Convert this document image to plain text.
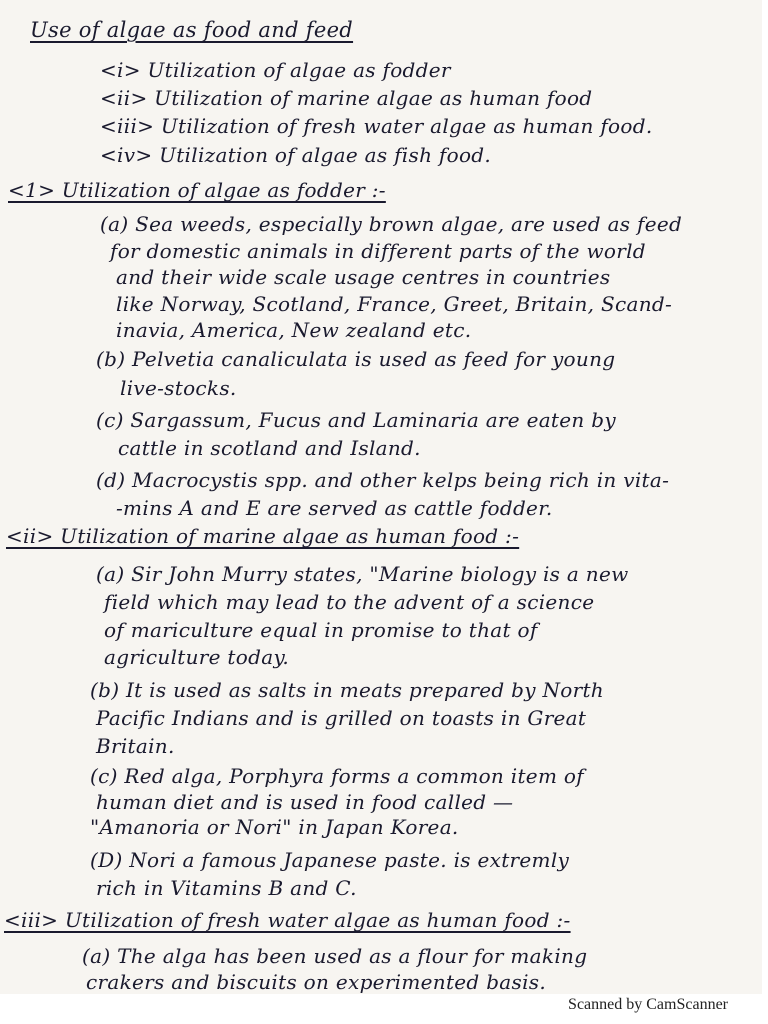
Use of algae as food and feed
<i> Utilization of algae as fodder
<ii> Utilization of marine algae as human food
<iii> Utilization of fresh water algae as human food.
<iv> Utilization of algae as fish food.
<1> Utilization of algae as fodder :-
(a) Sea weeds, especially brown algae, are used as feed
for domestic animals in different parts of the world
and their wide scale usage centres in countries
like Norway, Scotland, France, Greet, Britain, Scand-
inavia, America, New zealand etc.
(b) Pelvetia canaliculata is used as feed for young
live-stocks.
(c) Sargassum, Fucus and Laminaria are eaten by
cattle in scotland and Island.
(d) Macrocystis spp. and other kelps being rich in vita-
-mins A and E are served as cattle fodder.
<ii> Utilization of marine algae as human food :-
(a) Sir John Murry states, "Marine biology is a new
field which may lead to the advent of a science
of mariculture equal in promise to that of
agriculture today.
(b) It is used as salts in meats prepared by North
Pacific Indians and is grilled on toasts in Great
Britain.
(c) Red alga, Porphyra forms a common item of
human diet and is used in food called —
"Amanoria or Nori" in Japan Korea.
(D) Nori a famous Japanese paste. is extremly
rich in Vitamins B and C.
<iii> Utilization of fresh water algae as human food :-
(a) The alga has been used as a flour for making
crakers and biscuits on experimented basis.
Scanned by CamScanner
